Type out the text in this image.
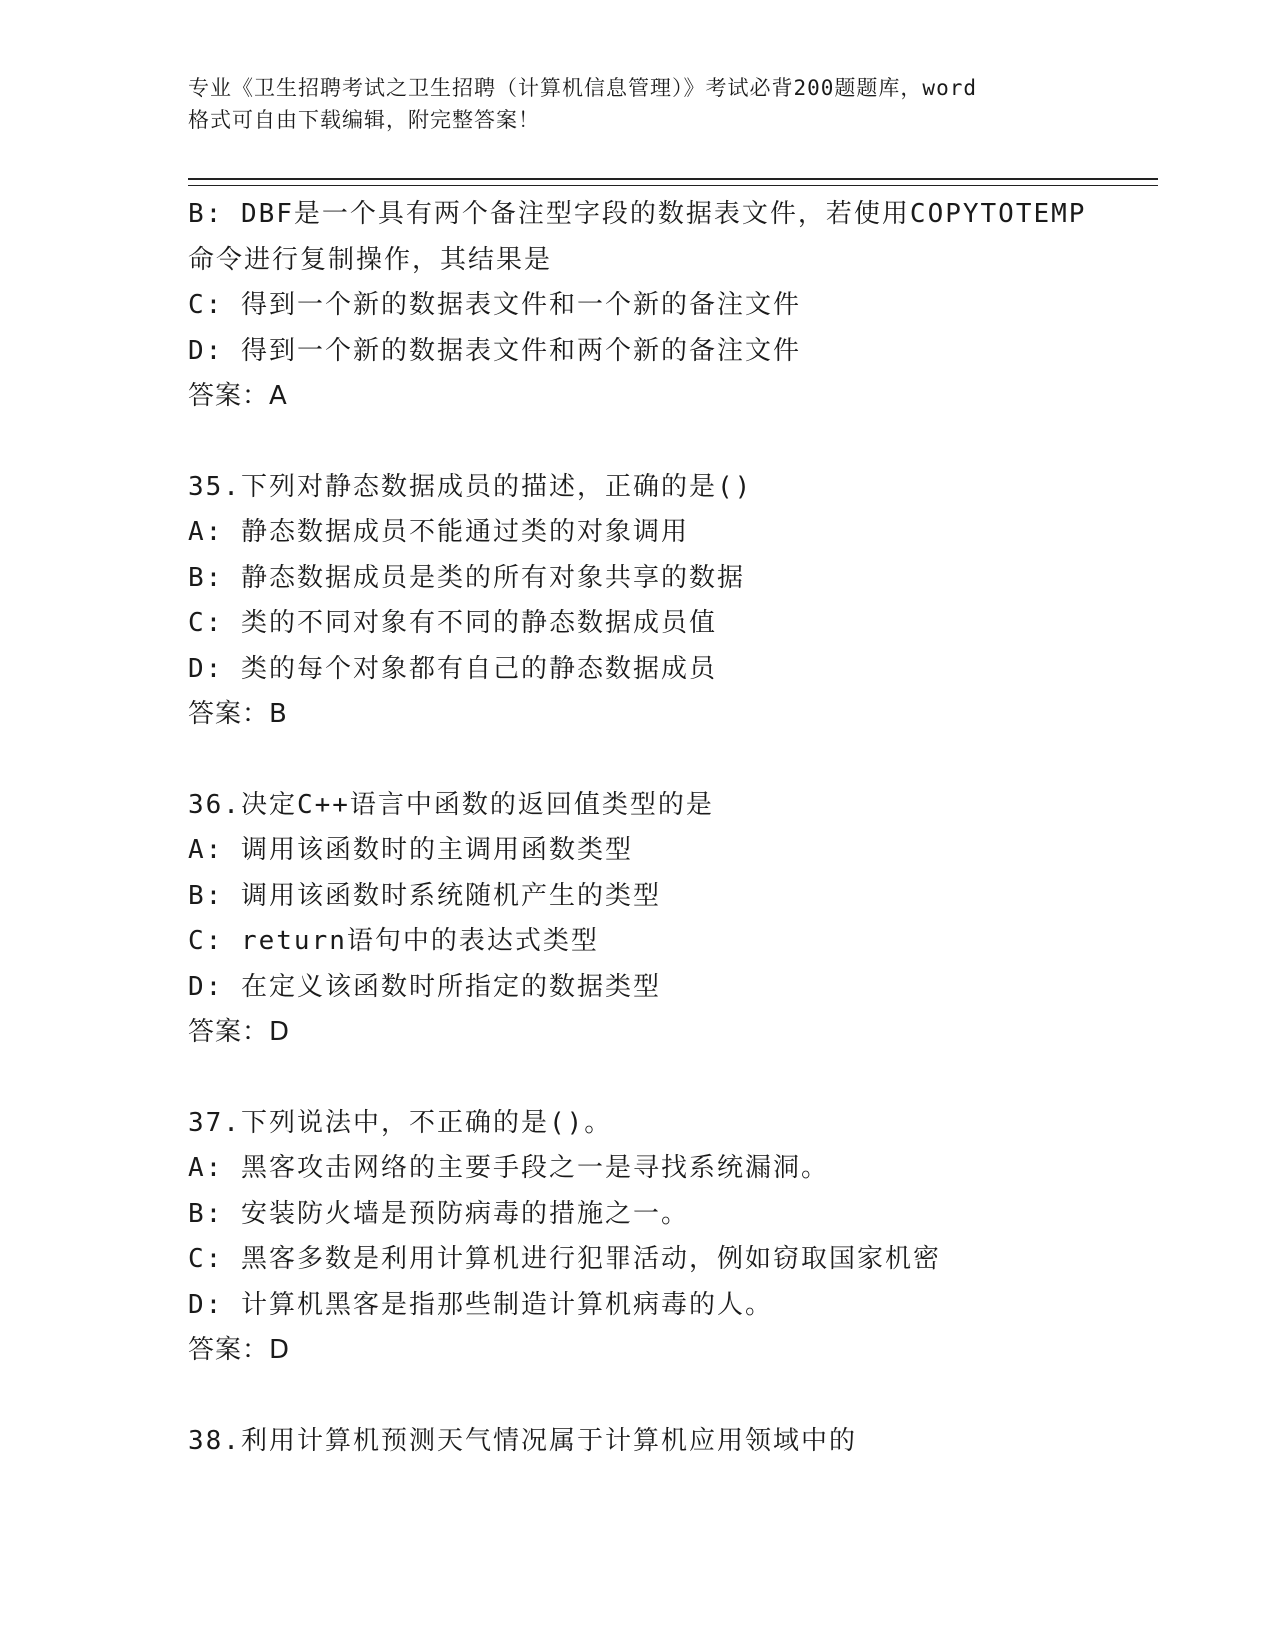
专业《卫生招聘考试之卫生招聘（计算机信息管理）》考试必背200题题库，word
格式可自由下载编辑，附完整答案！
B: DBF是一个具有两个备注型字段的数据表文件，若使用COPYTOTEMP
命令进行复制操作，其结果是
C: 得到一个新的数据表文件和一个新的备注文件
D: 得到一个新的数据表文件和两个新的备注文件
答案：A
35.下列对静态数据成员的描述，正确的是()
A: 静态数据成员不能通过类的对象调用
B: 静态数据成员是类的所有对象共享的数据
C: 类的不同对象有不同的静态数据成员值
D: 类的每个对象都有自己的静态数据成员
答案：B
36.决定C++语言中函数的返回值类型的是
A: 调用该函数时的主调用函数类型
B: 调用该函数时系统随机产生的类型
C: return语句中的表达式类型
D: 在定义该函数时所指定的数据类型
答案：D
37.下列说法中，不正确的是()。
A: 黑客攻击网络的主要手段之一是寻找系统漏洞。
B: 安装防火墙是预防病毒的措施之一。
C: 黑客多数是利用计算机进行犯罪活动，例如窃取国家机密
D: 计算机黑客是指那些制造计算机病毒的人。
答案：D
38.利用计算机预测天气情况属于计算机应用领域中的
